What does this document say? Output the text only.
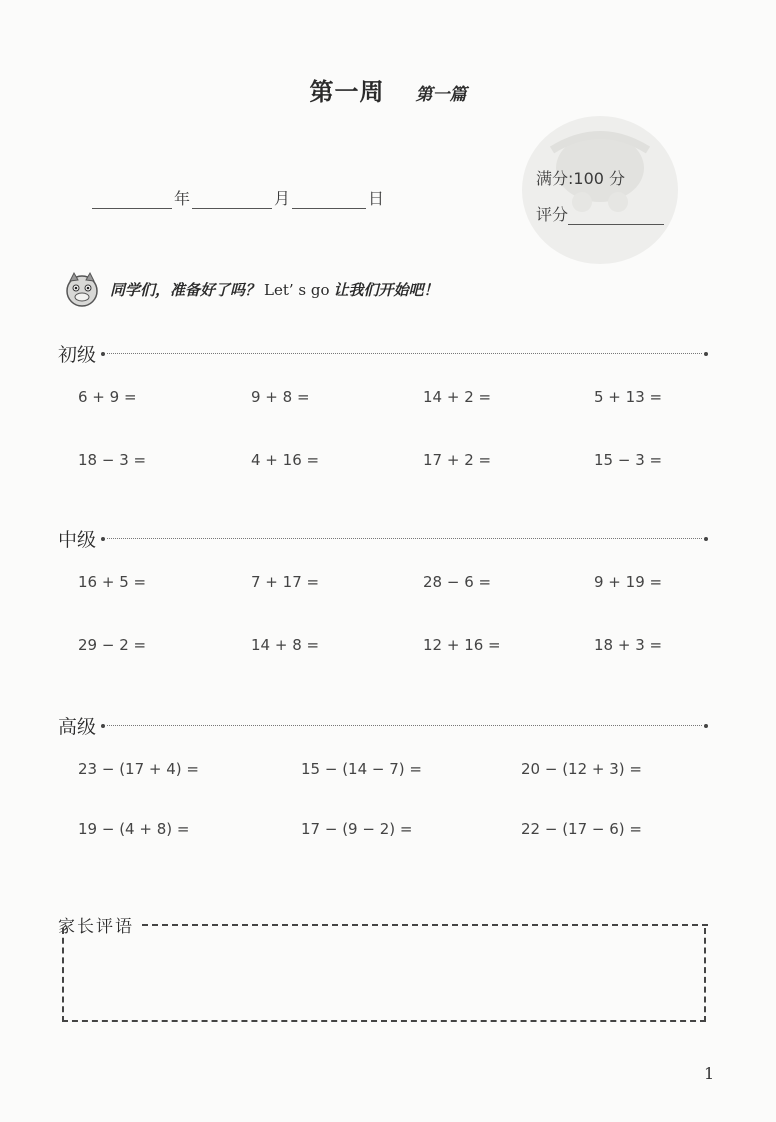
第一周 第一篇
年	月	日
满分:100 分
评分
同学们，准备好了吗？ Let’ s go 让我们开始吧！
初级
6 + 9 =	9 + 8 =	14 + 2 =	5 + 13 =
18 − 3 =	4 + 16 =	17 + 2 =	15 − 3 =
中级
16 + 5 =	7 + 17 =	28 − 6 =	9 + 19 =
29 − 2 =	14 + 8 =	12 + 16 =	18 + 3 =
高级
23 − (17 + 4) =	15 − (14 − 7) =	20 − (12 + 3) =
19 − (4 + 8) =	17 − (9 − 2) =	22 − (17 − 6) =
家长评语
1
